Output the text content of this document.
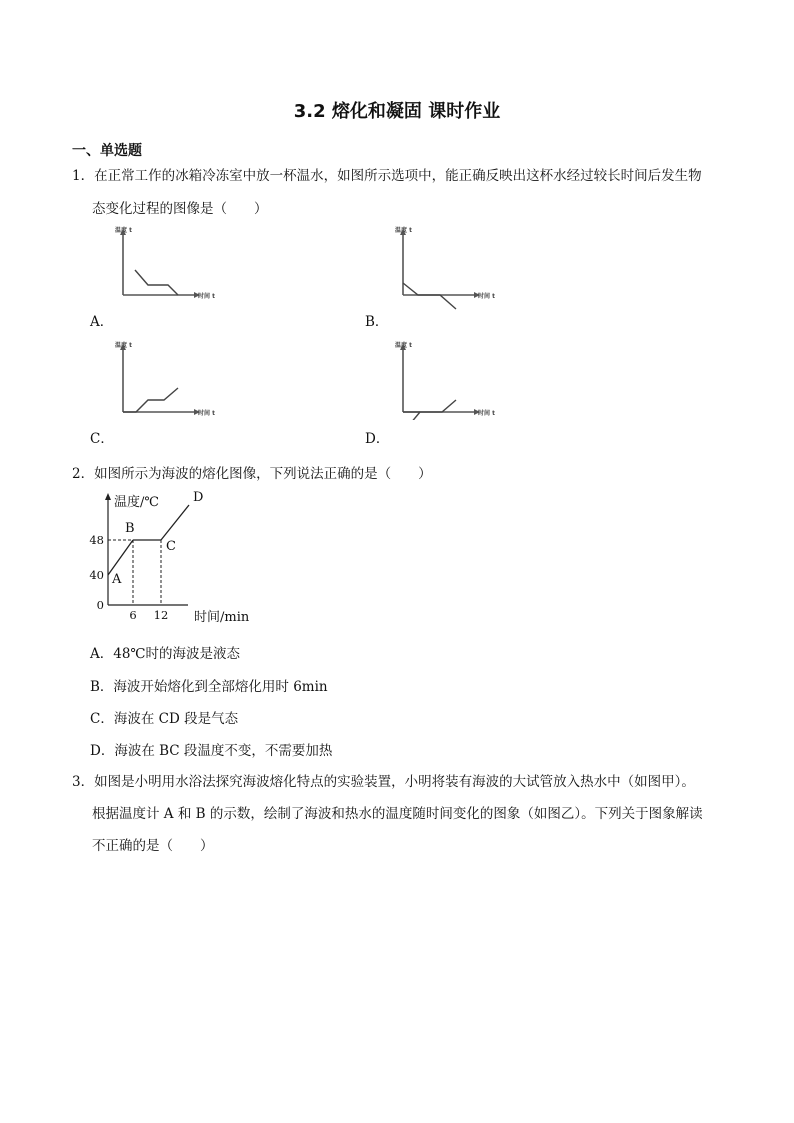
3.2 熔化和凝固 课时作业
一、单选题
1．在正常工作的冰箱冷冻室中放一杯温水，如图所示选项中，能正确反映出这杯水经过较长时间后发生物
态变化过程的图像是（　　）
温度 t
时间 t
A．
温度 t
时间 t
B．
温度 t
时间 t
C．
温度 t
时间 t
D．
2．如图所示为海波的熔化图像，下列说法正确的是（　　）
温度/℃
时间/min
A
B
C
D
0
40
48
6 12
A．48℃时的海波是液态
B．海波开始熔化到全部熔化用时 6min
C．海波在 CD 段是气态
D．海波在 BC 段温度不变，不需要加热
3．如图是小明用水浴法探究海波熔化特点的实验装置，小明将装有海波的大试管放入热水中（如图甲）。
根据温度计 A 和 B 的示数，绘制了海波和热水的温度随时间变化的图象（如图乙）。下列关于图象解读
不正确的是（　　）
